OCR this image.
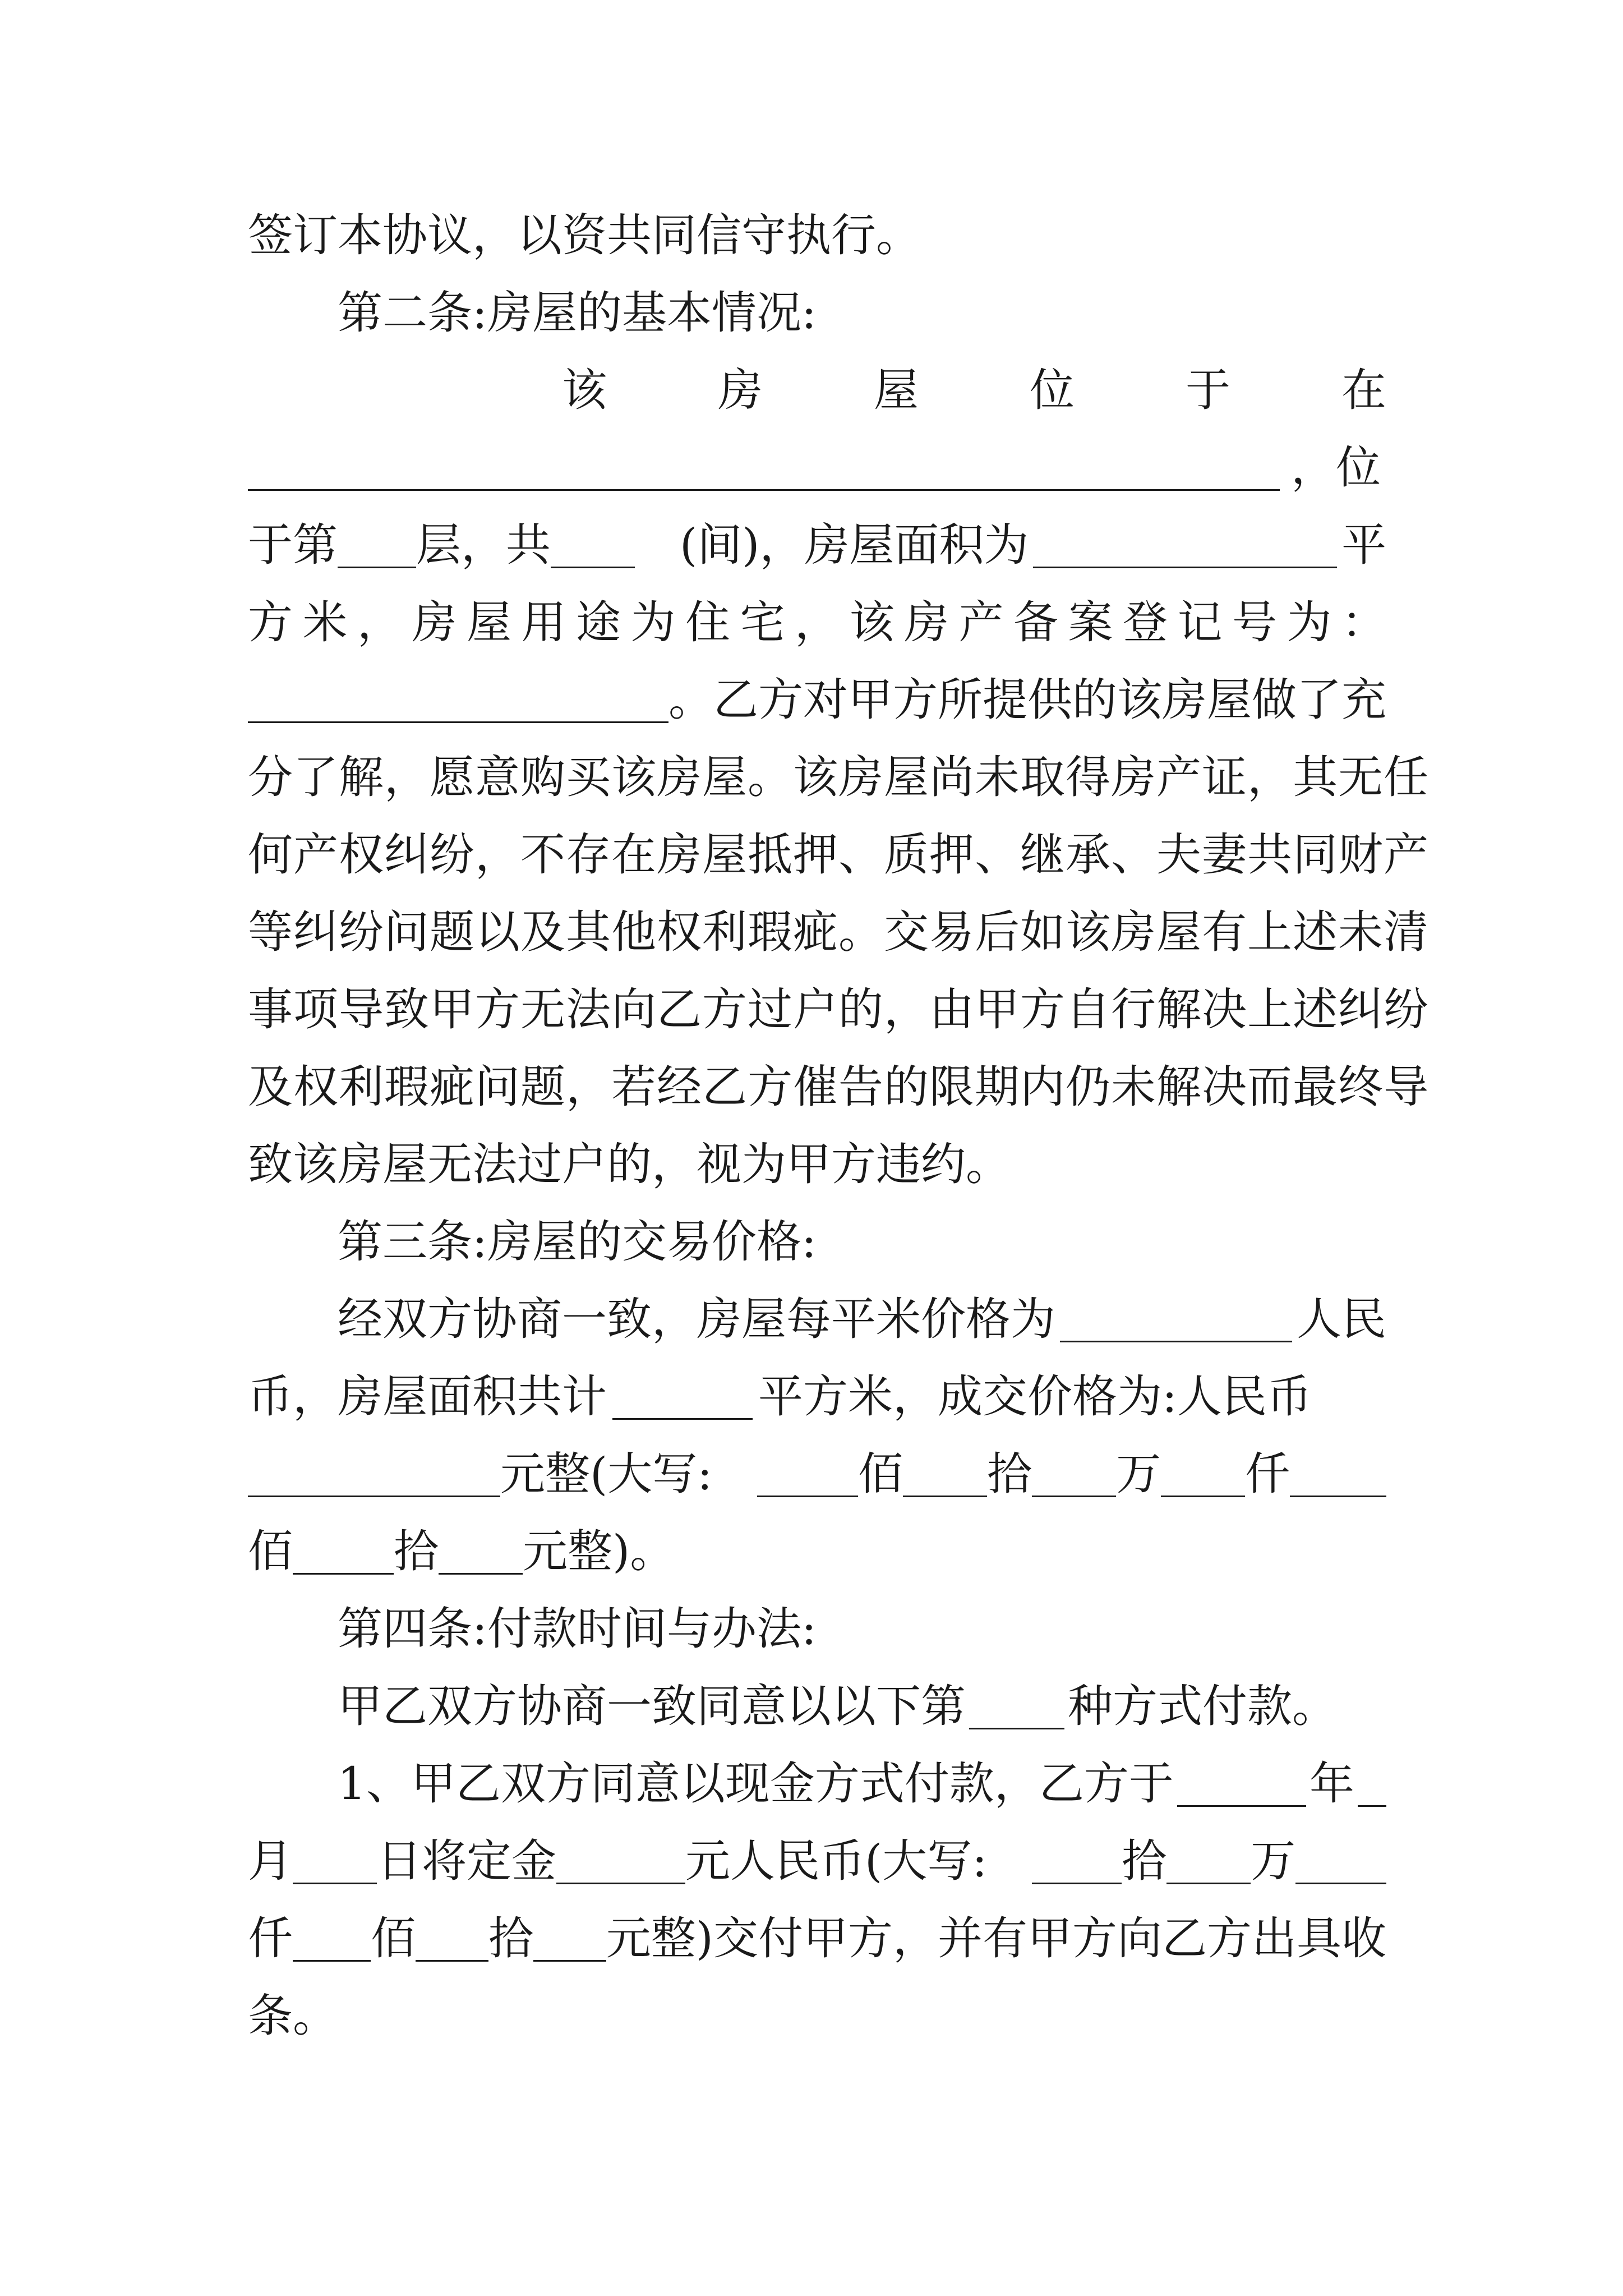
签订本协议，以资共同信守执行。
第二条:房屋的基本情况:
该 房 屋 位 于 在
，位
于第 层，共	(间)，房屋面积为	平
方 米 ， 房 屋 用 途 为 住 宅 ， 该 房 产 备 案 登 记 号 为 ：
。乙方对甲方所提供的该房屋做了充
分了解，愿意购买该房屋。该房屋尚未取得房产证，其无任
何产权纠纷，不存在房屋抵押、质押、继承、夫妻共同财产
等纠纷问题以及其他权利瑕疵。交易后如该房屋有上述未清
事项导致甲方无法向乙方过户的，由甲方自行解决上述纠纷
及权利瑕疵问题，若经乙方催告的限期内仍未解决而最终导
致该房屋无法过户的，视为甲方违约。
第三条:房屋的交易价格:
经双方协商一致，房屋每平米价格为	人民
币，房屋面积共计	平方米，成交价格为:人民币
元整(大写:	佰 拾 万 仟
佰 拾 元整)。
第四条:付款时间与办法:
甲乙双方协商一致同意以以下第 种方式付款。
1、甲乙双方同意以现金方式付款，乙方于	年
月 日将定金	元人民币(大写:	拾 万
仟 佰 拾 元整)交付甲方，并有甲方向乙方出具收
条。
